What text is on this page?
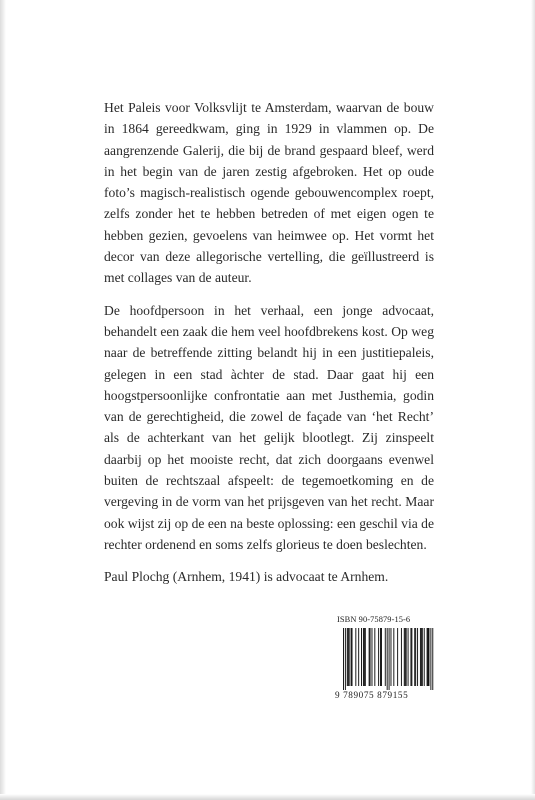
Het Paleis voor Volksvlijt te Amsterdam, waarvan de bouw in 1864 gereedkwam, ging in 1929 in vlammen op. De aangrenzende Galerij, die bij de brand gespaard bleef, werd in het begin van de jaren zestig afgebroken. Het op oude foto’s magisch-realistisch ogende gebouwencomplex roept, zelfs zonder het te hebben betreden of met eigen ogen te hebben gezien, gevoelens van heimwee op. Het vormt het decor van deze allegorische vertelling, die geïllustreerd is met collages van de auteur.

De hoofdpersoon in het verhaal, een jonge advocaat, behandelt een zaak die hem veel hoofdbrekens kost. Op weg naar de betreffende zitting belandt hij in een justitiepaleis, gelegen in een stad àchter de stad. Daar gaat hij een hoogstpersoonlijke confrontatie aan met Justhemia, godin van de gerechtigheid, die zowel de façade van ‘het Recht’ als de achterkant van het gelijk blootlegt. Zij zinspeelt daarbij op het mooiste recht, dat zich doorgaans evenwel buiten de rechtszaal afspeelt: de tegemoetkoming en de vergeving in de vorm van het prijsgeven van het recht. Maar ook wijst zij op de een na beste oplossing: een geschil via de rechter ordenend en soms zelfs glorieus te doen beslechten.

Paul Plochg (Arnhem, 1941) is advocaat te Arnhem.

ISBN 90-75879-15-6
9 789075 879155
